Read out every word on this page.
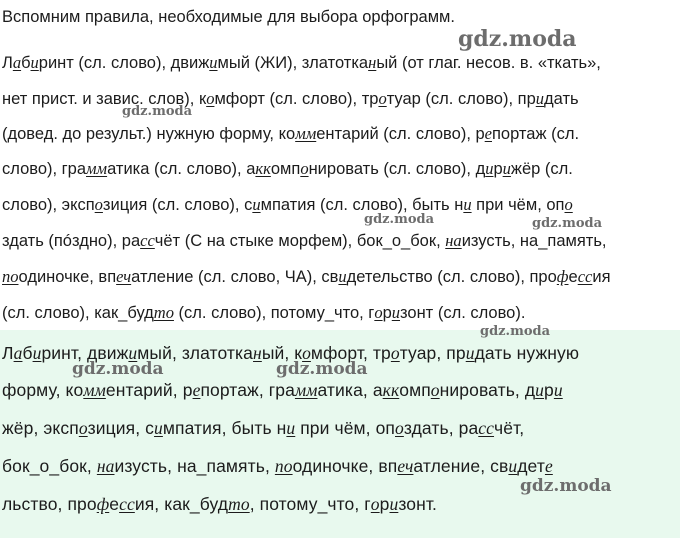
Вспомним правила, необходимые для выбора орфограмм.
Лабиринт (сл. слово), движимый (ЖИ), златотканый (от глаг. несов. в. «ткать»,
нет прист. и завис. слов), комфорт (сл. слово), тротуар (сл. слово), придать
(довед. до результ.) нужную форму, комментарий (сл. слово), репортаж (сл.
слово), грамматика (сл. слово), аккомпонировать (сл. слово), дирижёр (сл.
слово), экспозиция (сл. слово), симпатия (сл. слово), быть ни при чём, опо
здать (пóздно), рассчёт (С на стыке морфем), бок_о_бок, наизусть, на_память,
поодиночке, впечатление (сл. слово, ЧА), свидетельство (сл. слово), профессия
(сл. слово), как_будто (сл. слово), потому_что, горизонт (сл. слово).
Лабиринт, движимый, златотканый, комфорт, тротуар, придать нужную
форму, комментарий, репортаж, грамматика, аккомпонировать, дири
жёр, экспозиция, симпатия, быть ни при чём, опоздать, рассчёт,
бок_о_бок, наизусть, на_память, поодиночке, впечатление, свидете
льство, профессия, как_будто, потому_что, горизонт.
gdz.moda
gdz.moda
gdz.moda	gdz.moda
gdz.moda
gdz.moda	gdz.moda
gdz.moda
